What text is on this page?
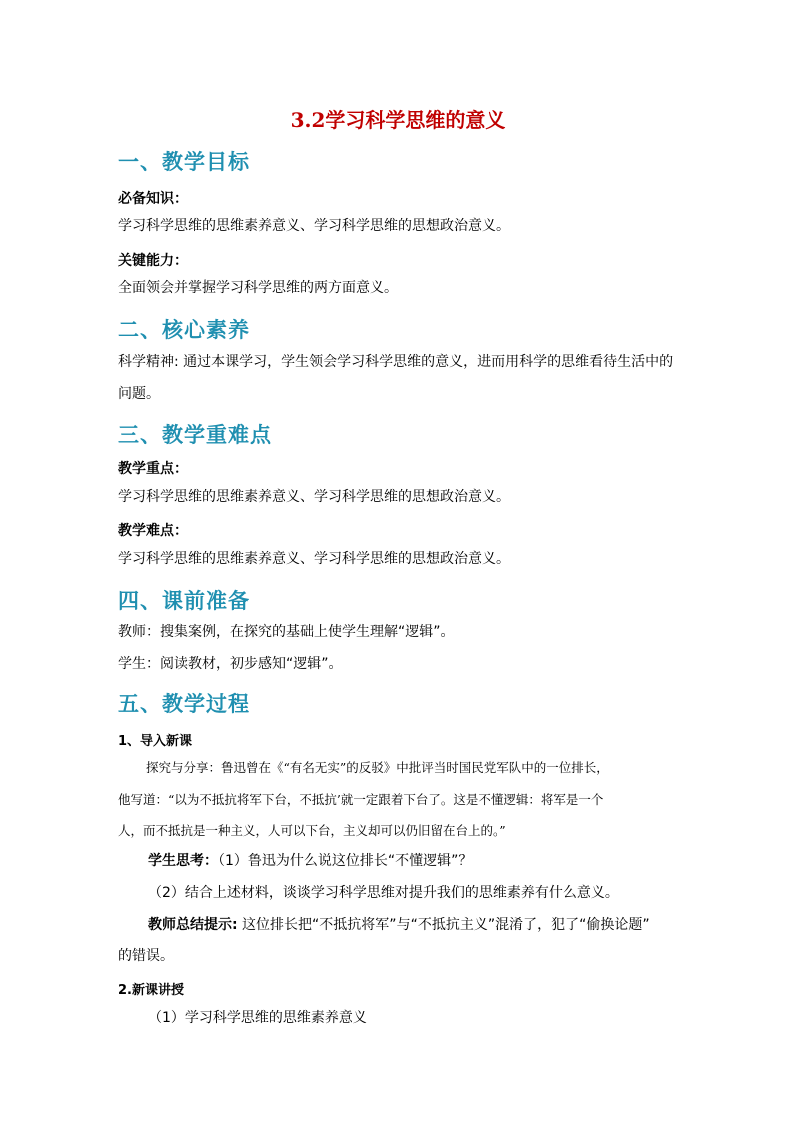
3.2学习科学思维的意义
一、教学目标
必备知识：
学习科学思维的思维素养意义、学习科学思维的思想政治意义。
关键能力：
全面领会并掌握学习科学思维的两方面意义。
二、核心素养
科学精神: 通过本课学习，学生领会学习科学思维的意义，进而用科学的思维看待生活中的
问题。
三、教学重难点
教学重点：
学习科学思维的思维素养意义、学习科学思维的思想政治意义。
教学难点：
学习科学思维的思维素养意义、学习科学思维的思想政治意义。
四、课前准备
教师：搜集案例，在探究的基础上使学生理解“逻辑”。
学生：阅读教材，初步感知“逻辑”。
五、教学过程
1、导入新课
探究与分享：鲁迅曾在《“有名无实”的反驳》中批评当时国民党军队中的一位排长，
他写道：“以为不抵抗将军下台，不抵抗’就一定跟着下台了。这是不懂逻辑：将军是一个
人，而不抵抗是一种主义，人可以下台，主义却可以仍旧留在台上的。”
学生思考：（1）鲁迅为什么说这位排长“不懂逻辑”？
（2）结合上述材料，谈谈学习科学思维对提升我们的思维素养有什么意义。
教师总结提示: 这位排长把“不抵抗将军”与“不抵抗主义”混淆了，犯了“偷换论题”
的错误。
2.新课讲授
（1）学习科学思维的思维素养意义
